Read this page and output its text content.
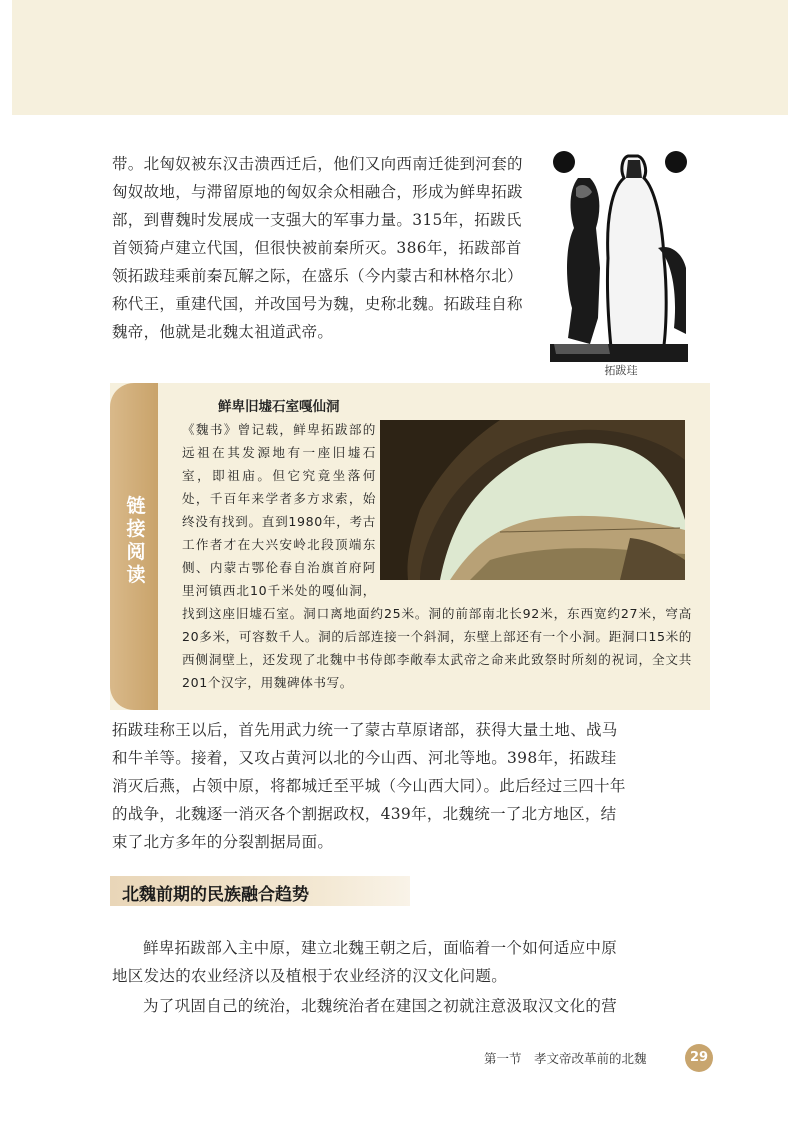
带。北匈奴被东汉击溃西迁后，他们又向西南迁徙到河套的匈奴故地，与滞留原地的匈奴余众相融合，形成为鲜卑拓跋部，到曹魏时发展成一支强大的军事力量。315年，拓跋氏首领猗卢建立代国，但很快被前秦所灭。386年，拓跋部首领拓跋珪乘前秦瓦解之际，在盛乐（今内蒙古和林格尔北）称代王，重建代国，并改国号为魏，史称北魏。拓跋珪自称魏帝，他就是北魏太祖道武帝。

拓跋珪
链接阅读
鲜卑旧墟石室嘎仙洞
《魏书》曾记载，鲜卑拓跋部的远祖在其发源地有一座旧墟石室，即祖庙。但它究竟坐落何处，千百年来学者多方求索，始终没有找到。直到1980年，考古工作者才在大兴安岭北段顶端东侧、内蒙古鄂伦春自治旗首府阿里河镇西北10千米处的嘎仙洞，找到这座旧墟石室。洞口离地面约25米。洞的前部南北长92米，东西宽约27米，穹高20多米，可容数千人。洞的后部连接一个斜洞，东壁上部还有一个小洞。距洞口15米的西侧洞壁上，还发现了北魏中书侍郎李敞奉太武帝之命来此致祭时所刻的祝词，全文共201个汉字，用魏碑体书写。

拓跋珪称王以后，首先用武力统一了蒙古草原诸部，获得大量土地、战马和牛羊等。接着，又攻占黄河以北的今山西、河北等地。398年，拓跋珪消灭后燕，占领中原，将都城迁至平城（今山西大同）。此后经过三四十年的战争，北魏逐一消灭各个割据政权，439年，北魏统一了北方地区，结束了北方多年的分裂割据局面。

北魏前期的民族融合趋势

鲜卑拓跋部入主中原，建立北魏王朝之后，面临着一个如何适应中原地区发达的农业经济以及植根于农业经济的汉文化问题。

为了巩固自己的统治，北魏统治者在建国之初就注意汲取汉文化的营

第一节　孝文帝改革前的北魏	29
